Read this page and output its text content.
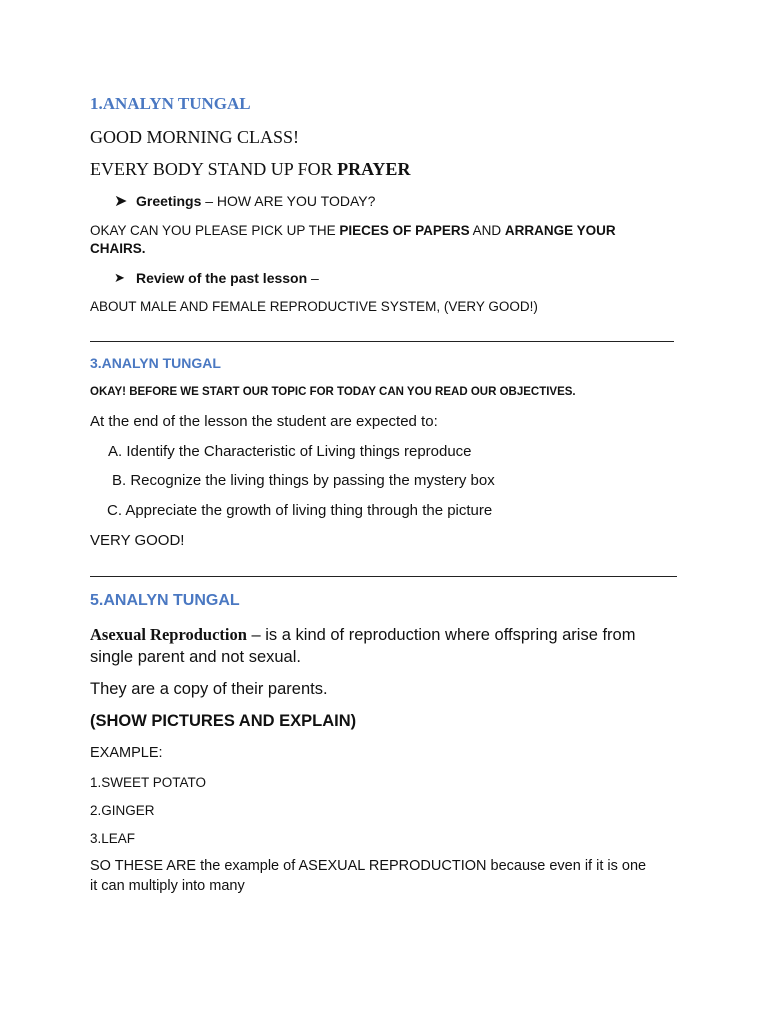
1.ANALYN TUNGAL
GOOD MORNING CLASS!
EVERY BODY STAND UP FOR PRAYER
➤ Greetings – HOW ARE YOU TODAY?
OKAY CAN YOU PLEASE PICK UP THE PIECES OF PAPERS AND ARRANGE YOUR
CHAIRS.
➤ Review of the past lesson –
ABOUT MALE AND FEMALE REPRODUCTIVE SYSTEM, (VERY GOOD!)
3.ANALYN TUNGAL
OKAY! BEFORE WE START OUR TOPIC FOR TODAY CAN YOU READ OUR OBJECTIVES.
At the end of the lesson the student are expected to:
A. Identify the Characteristic of Living things reproduce
B. Recognize the living things by passing the mystery box
C. Appreciate the growth of living thing through the picture
VERY GOOD!
5.ANALYN TUNGAL
Asexual Reproduction – is a kind of reproduction where offspring arise from
single parent and not sexual.
They are a copy of their parents.
(SHOW PICTURES AND EXPLAIN)
EXAMPLE:
1.SWEET POTATO
2.GINGER
3.LEAF
SO THESE ARE the example of ASEXUAL REPRODUCTION because even if it is one
it can multiply into many
